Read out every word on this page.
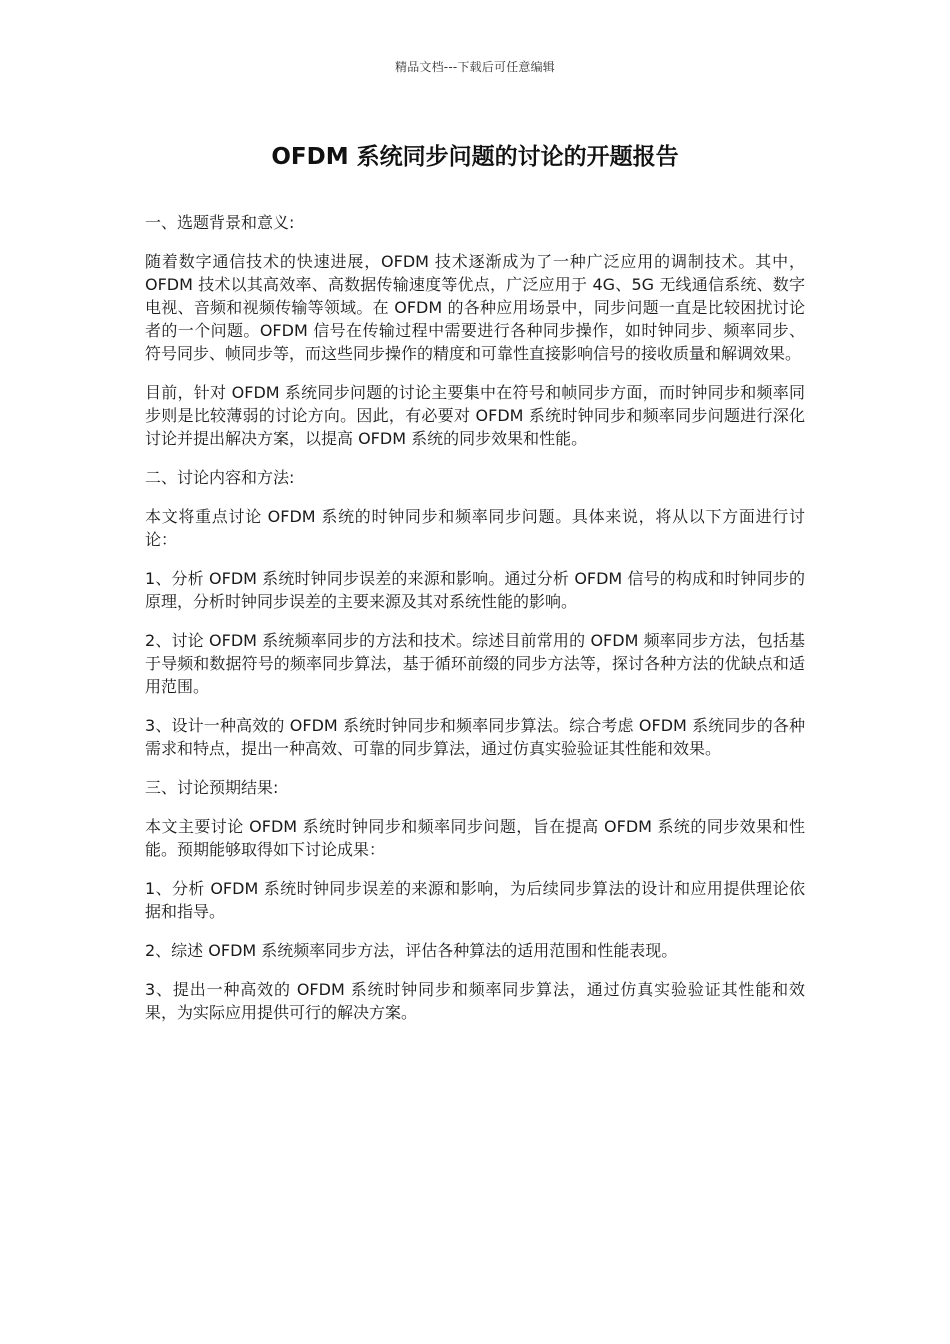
精品文档---下载后可任意编辑
OFDM 系统同步问题的讨论的开题报告

一、选题背景和意义:

随着数字通信技术的快速进展，OFDM 技术逐渐成为了一种广泛应用的调制技术。其中，OFDM 技术以其高效率、高数据传输速度等优点，广泛应用于 4G、5G 无线通信系统、数字电视、音频和视频传输等领域。在 OFDM 的各种应用场景中，同步问题一直是比较困扰讨论者的一个问题。OFDM 信号在传输过程中需要进行各种同步操作，如时钟同步、频率同步、符号同步、帧同步等，而这些同步操作的精度和可靠性直接影响信号的接收质量和解调效果。

目前，针对 OFDM 系统同步问题的讨论主要集中在符号和帧同步方面，而时钟同步和频率同步则是比较薄弱的讨论方向。因此，有必要对 OFDM 系统时钟同步和频率同步问题进行深化讨论并提出解决方案，以提高 OFDM 系统的同步效果和性能。

二、讨论内容和方法:

本文将重点讨论 OFDM 系统的时钟同步和频率同步问题。具体来说，将从以下方面进行讨论：

1、分析 OFDM 系统时钟同步误差的来源和影响。通过分析 OFDM 信号的构成和时钟同步的原理，分析时钟同步误差的主要来源及其对系统性能的影响。

2、讨论 OFDM 系统频率同步的方法和技术。综述目前常用的 OFDM 频率同步方法，包括基于导频和数据符号的频率同步算法，基于循环前缀的同步方法等，探讨各种方法的优缺点和适用范围。

3、设计一种高效的 OFDM 系统时钟同步和频率同步算法。综合考虑 OFDM 系统同步的各种需求和特点，提出一种高效、可靠的同步算法，通过仿真实验验证其性能和效果。

三、讨论预期结果:

本文主要讨论 OFDM 系统时钟同步和频率同步问题，旨在提高 OFDM 系统的同步效果和性能。预期能够取得如下讨论成果：

1、分析 OFDM 系统时钟同步误差的来源和影响，为后续同步算法的设计和应用提供理论依据和指导。

2、综述 OFDM 系统频率同步方法，评估各种算法的适用范围和性能表现。

3、提出一种高效的 OFDM 系统时钟同步和频率同步算法，通过仿真实验验证其性能和效果，为实际应用提供可行的解决方案。
